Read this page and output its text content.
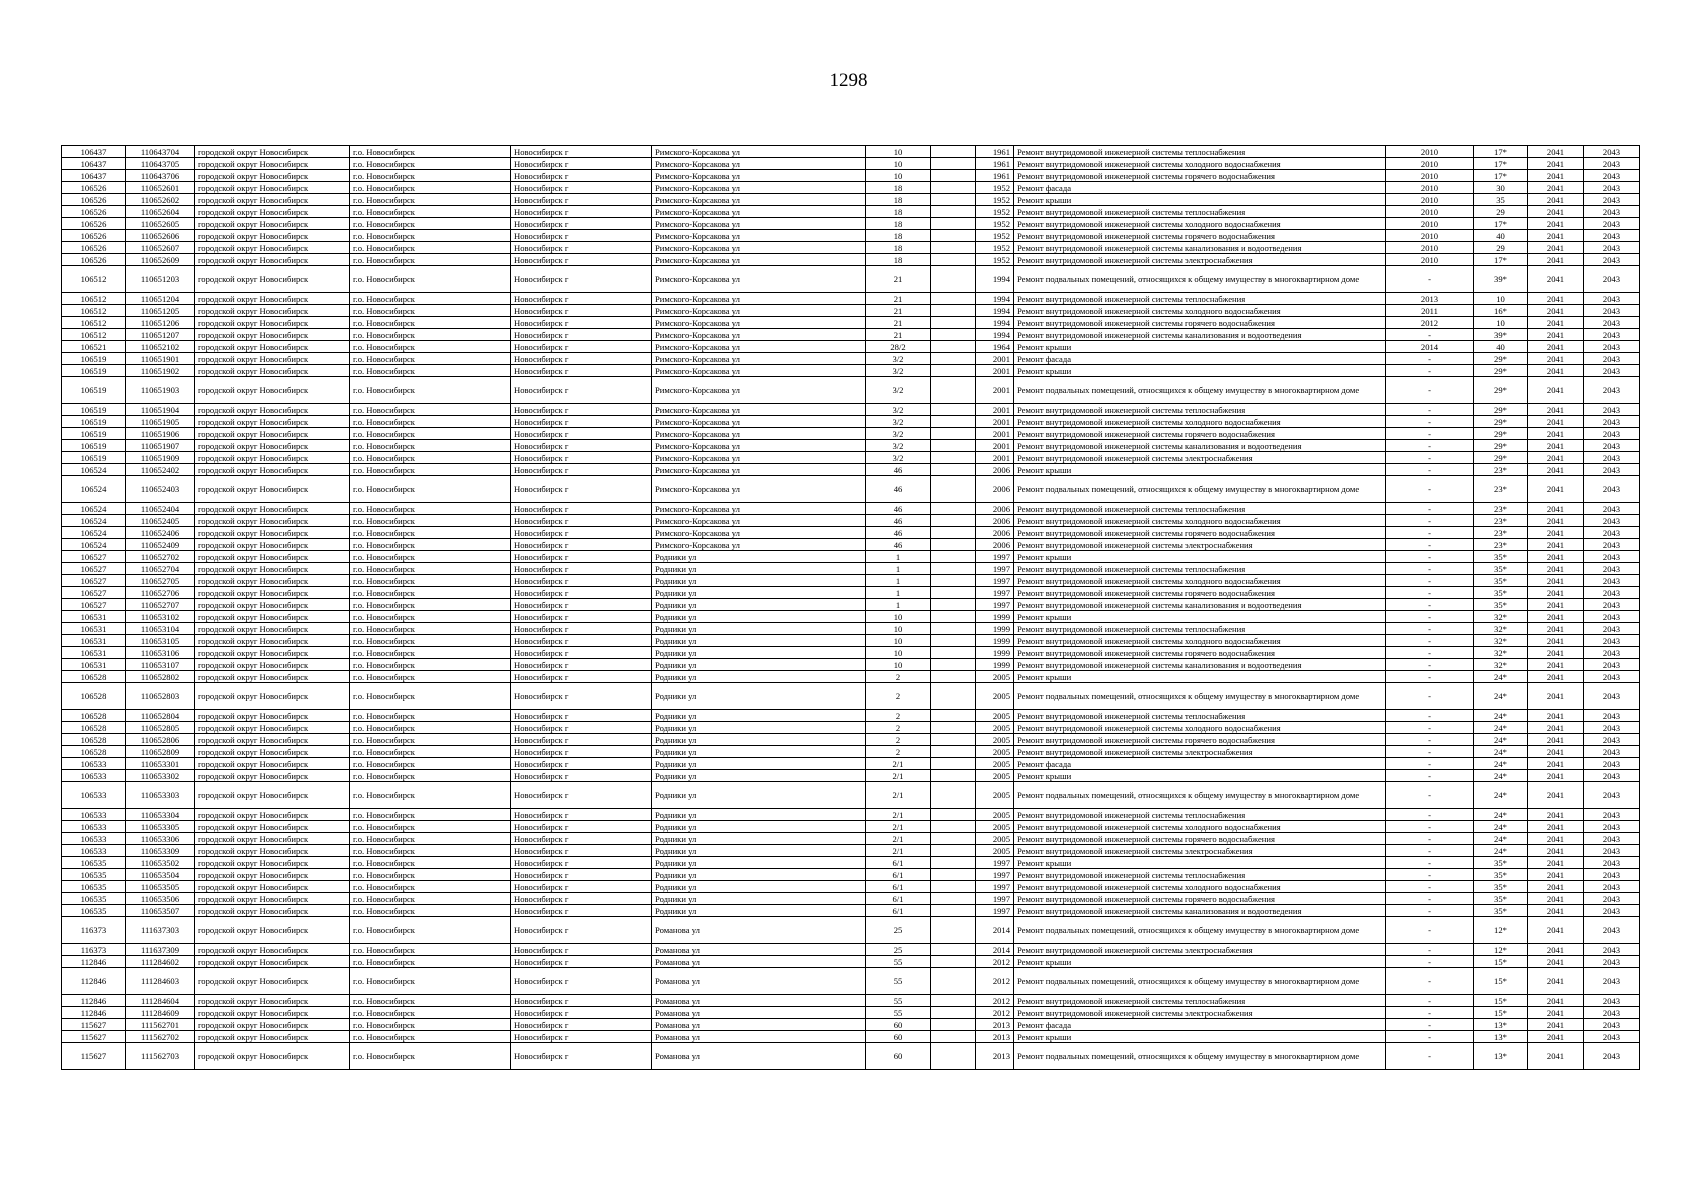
1298
106437	110643704	городской округ Новосибирск	г.о. Новосибирск	Новосибирск г	Римского-Корсакова ул	10		1961	Ремонт внутридомовой инженерной системы теплоснабжения	2010	17*	2041	2043
106437	110643705	городской округ Новосибирск	г.о. Новосибирск	Новосибирск г	Римского-Корсакова ул	10		1961	Ремонт внутридомовой инженерной системы холодного водоснабжения	2010	17*	2041	2043
106437	110643706	городской округ Новосибирск	г.о. Новосибирск	Новосибирск г	Римского-Корсакова ул	10		1961	Ремонт внутридомовой инженерной системы горячего водоснабжения	2010	17*	2041	2043
106526	110652601	городской округ Новосибирск	г.о. Новосибирск	Новосибирск г	Римского-Корсакова ул	18		1952	Ремонт фасада	2010	30	2041	2043
106526	110652602	городской округ Новосибирск	г.о. Новосибирск	Новосибирск г	Римского-Корсакова ул	18		1952	Ремонт крыши	2010	35	2041	2043
106526	110652604	городской округ Новосибирск	г.о. Новосибирск	Новосибирск г	Римского-Корсакова ул	18		1952	Ремонт внутридомовой инженерной системы теплоснабжения	2010	29	2041	2043
106526	110652605	городской округ Новосибирск	г.о. Новосибирск	Новосибирск г	Римского-Корсакова ул	18		1952	Ремонт внутридомовой инженерной системы холодного водоснабжения	2010	17*	2041	2043
106526	110652606	городской округ Новосибирск	г.о. Новосибирск	Новосибирск г	Римского-Корсакова ул	18		1952	Ремонт внутридомовой инженерной системы горячего водоснабжения	2010	40	2041	2043
106526	110652607	городской округ Новосибирск	г.о. Новосибирск	Новосибирск г	Римского-Корсакова ул	18		1952	Ремонт внутридомовой инженерной системы канализования и водоотведения	2010	29	2041	2043
106526	110652609	городской округ Новосибирск	г.о. Новосибирск	Новосибирск г	Римского-Корсакова ул	18		1952	Ремонт внутридомовой инженерной системы электроснабжения	2010	17*	2041	2043
106512	110651203	городской округ Новосибирск	г.о. Новосибирск	Новосибирск г	Римского-Корсакова ул	21		1994	Ремонт подвальных помещений, относящихся к общему имуществу в многоквартирном доме	-	39*	2041	2043
106512	110651204	городской округ Новосибирск	г.о. Новосибирск	Новосибирск г	Римского-Корсакова ул	21		1994	Ремонт внутридомовой инженерной системы теплоснабжения	2013	10	2041	2043
106512	110651205	городской округ Новосибирск	г.о. Новосибирск	Новосибирск г	Римского-Корсакова ул	21		1994	Ремонт внутридомовой инженерной системы холодного водоснабжения	2011	16*	2041	2043
106512	110651206	городской округ Новосибирск	г.о. Новосибирск	Новосибирск г	Римского-Корсакова ул	21		1994	Ремонт внутридомовой инженерной системы горячего водоснабжения	2012	10	2041	2043
106512	110651207	городской округ Новосибирск	г.о. Новосибирск	Новосибирск г	Римского-Корсакова ул	21		1994	Ремонт внутридомовой инженерной системы канализования и водоотведения	-	39*	2041	2043
106521	110652102	городской округ Новосибирск	г.о. Новосибирск	Новосибирск г	Римского-Корсакова ул	28/2		1964	Ремонт крыши	2014	40	2041	2043
106519	110651901	городской округ Новосибирск	г.о. Новосибирск	Новосибирск г	Римского-Корсакова ул	3/2		2001	Ремонт фасада	-	29*	2041	2043
106519	110651902	городской округ Новосибирск	г.о. Новосибирск	Новосибирск г	Римского-Корсакова ул	3/2		2001	Ремонт крыши	-	29*	2041	2043
106519	110651903	городской округ Новосибирск	г.о. Новосибирск	Новосибирск г	Римского-Корсакова ул	3/2		2001	Ремонт подвальных помещений, относящихся к общему имуществу в многоквартирном доме	-	29*	2041	2043
106519	110651904	городской округ Новосибирск	г.о. Новосибирск	Новосибирск г	Римского-Корсакова ул	3/2		2001	Ремонт внутридомовой инженерной системы теплоснабжения	-	29*	2041	2043
106519	110651905	городской округ Новосибирск	г.о. Новосибирск	Новосибирск г	Римского-Корсакова ул	3/2		2001	Ремонт внутридомовой инженерной системы холодного водоснабжения	-	29*	2041	2043
106519	110651906	городской округ Новосибирск	г.о. Новосибирск	Новосибирск г	Римского-Корсакова ул	3/2		2001	Ремонт внутридомовой инженерной системы горячего водоснабжения	-	29*	2041	2043
106519	110651907	городской округ Новосибирск	г.о. Новосибирск	Новосибирск г	Римского-Корсакова ул	3/2		2001	Ремонт внутридомовой инженерной системы канализования и водоотведения	-	29*	2041	2043
106519	110651909	городской округ Новосибирск	г.о. Новосибирск	Новосибирск г	Римского-Корсакова ул	3/2		2001	Ремонт внутридомовой инженерной системы электроснабжения	-	29*	2041	2043
106524	110652402	городской округ Новосибирск	г.о. Новосибирск	Новосибирск г	Римского-Корсакова ул	46		2006	Ремонт крыши	-	23*	2041	2043
106524	110652403	городской округ Новосибирск	г.о. Новосибирск	Новосибирск г	Римского-Корсакова ул	46		2006	Ремонт подвальных помещений, относящихся к общему имуществу в многоквартирном доме	-	23*	2041	2043
106524	110652404	городской округ Новосибирск	г.о. Новосибирск	Новосибирск г	Римского-Корсакова ул	46		2006	Ремонт внутридомовой инженерной системы теплоснабжения	-	23*	2041	2043
106524	110652405	городской округ Новосибирск	г.о. Новосибирск	Новосибирск г	Римского-Корсакова ул	46		2006	Ремонт внутридомовой инженерной системы холодного водоснабжения	-	23*	2041	2043
106524	110652406	городской округ Новосибирск	г.о. Новосибирск	Новосибирск г	Римского-Корсакова ул	46		2006	Ремонт внутридомовой инженерной системы горячего водоснабжения	-	23*	2041	2043
106524	110652409	городской округ Новосибирск	г.о. Новосибирск	Новосибирск г	Римского-Корсакова ул	46		2006	Ремонт внутридомовой инженерной системы электроснабжения	-	23*	2041	2043
106527	110652702	городской округ Новосибирск	г.о. Новосибирск	Новосибирск г	Родники ул	1		1997	Ремонт крыши	-	35*	2041	2043
106527	110652704	городской округ Новосибирск	г.о. Новосибирск	Новосибирск г	Родники ул	1		1997	Ремонт внутридомовой инженерной системы теплоснабжения	-	35*	2041	2043
106527	110652705	городской округ Новосибирск	г.о. Новосибирск	Новосибирск г	Родники ул	1		1997	Ремонт внутридомовой инженерной системы холодного водоснабжения	-	35*	2041	2043
106527	110652706	городской округ Новосибирск	г.о. Новосибирск	Новосибирск г	Родники ул	1		1997	Ремонт внутридомовой инженерной системы горячего водоснабжения	-	35*	2041	2043
106527	110652707	городской округ Новосибирск	г.о. Новосибирск	Новосибирск г	Родники ул	1		1997	Ремонт внутридомовой инженерной системы канализования и водоотведения	-	35*	2041	2043
106531	110653102	городской округ Новосибирск	г.о. Новосибирск	Новосибирск г	Родники ул	10		1999	Ремонт крыши	-	32*	2041	2043
106531	110653104	городской округ Новосибирск	г.о. Новосибирск	Новосибирск г	Родники ул	10		1999	Ремонт внутридомовой инженерной системы теплоснабжения	-	32*	2041	2043
106531	110653105	городской округ Новосибирск	г.о. Новосибирск	Новосибирск г	Родники ул	10		1999	Ремонт внутридомовой инженерной системы холодного водоснабжения	-	32*	2041	2043
106531	110653106	городской округ Новосибирск	г.о. Новосибирск	Новосибирск г	Родники ул	10		1999	Ремонт внутридомовой инженерной системы горячего водоснабжения	-	32*	2041	2043
106531	110653107	городской округ Новосибирск	г.о. Новосибирск	Новосибирск г	Родники ул	10		1999	Ремонт внутридомовой инженерной системы канализования и водоотведения	-	32*	2041	2043
106528	110652802	городской округ Новосибирск	г.о. Новосибирск	Новосибирск г	Родники ул	2		2005	Ремонт крыши	-	24*	2041	2043
106528	110652803	городской округ Новосибирск	г.о. Новосибирск	Новосибирск г	Родники ул	2		2005	Ремонт подвальных помещений, относящихся к общему имуществу в многоквартирном доме	-	24*	2041	2043
106528	110652804	городской округ Новосибирск	г.о. Новосибирск	Новосибирск г	Родники ул	2		2005	Ремонт внутридомовой инженерной системы теплоснабжения	-	24*	2041	2043
106528	110652805	городской округ Новосибирск	г.о. Новосибирск	Новосибирск г	Родники ул	2		2005	Ремонт внутридомовой инженерной системы холодного водоснабжения	-	24*	2041	2043
106528	110652806	городской округ Новосибирск	г.о. Новосибирск	Новосибирск г	Родники ул	2		2005	Ремонт внутридомовой инженерной системы горячего водоснабжения	-	24*	2041	2043
106528	110652809	городской округ Новосибирск	г.о. Новосибирск	Новосибирск г	Родники ул	2		2005	Ремонт внутридомовой инженерной системы электроснабжения	-	24*	2041	2043
106533	110653301	городской округ Новосибирск	г.о. Новосибирск	Новосибирск г	Родники ул	2/1		2005	Ремонт фасада	-	24*	2041	2043
106533	110653302	городской округ Новосибирск	г.о. Новосибирск	Новосибирск г	Родники ул	2/1		2005	Ремонт крыши	-	24*	2041	2043
106533	110653303	городской округ Новосибирск	г.о. Новосибирск	Новосибирск г	Родники ул	2/1		2005	Ремонт подвальных помещений, относящихся к общему имуществу в многоквартирном доме	-	24*	2041	2043
106533	110653304	городской округ Новосибирск	г.о. Новосибирск	Новосибирск г	Родники ул	2/1		2005	Ремонт внутридомовой инженерной системы теплоснабжения	-	24*	2041	2043
106533	110653305	городской округ Новосибирск	г.о. Новосибирск	Новосибирск г	Родники ул	2/1		2005	Ремонт внутридомовой инженерной системы холодного водоснабжения	-	24*	2041	2043
106533	110653306	городской округ Новосибирск	г.о. Новосибирск	Новосибирск г	Родники ул	2/1		2005	Ремонт внутридомовой инженерной системы горячего водоснабжения	-	24*	2041	2043
106533	110653309	городской округ Новосибирск	г.о. Новосибирск	Новосибирск г	Родники ул	2/1		2005	Ремонт внутридомовой инженерной системы электроснабжения	-	24*	2041	2043
106535	110653502	городской округ Новосибирск	г.о. Новосибирск	Новосибирск г	Родники ул	6/1		1997	Ремонт крыши	-	35*	2041	2043
106535	110653504	городской округ Новосибирск	г.о. Новосибирск	Новосибирск г	Родники ул	6/1		1997	Ремонт внутридомовой инженерной системы теплоснабжения	-	35*	2041	2043
106535	110653505	городской округ Новосибирск	г.о. Новосибирск	Новосибирск г	Родники ул	6/1		1997	Ремонт внутридомовой инженерной системы холодного водоснабжения	-	35*	2041	2043
106535	110653506	городской округ Новосибирск	г.о. Новосибирск	Новосибирск г	Родники ул	6/1		1997	Ремонт внутридомовой инженерной системы горячего водоснабжения	-	35*	2041	2043
106535	110653507	городской округ Новосибирск	г.о. Новосибирск	Новосибирск г	Родники ул	6/1		1997	Ремонт внутридомовой инженерной системы канализования и водоотведения	-	35*	2041	2043
116373	111637303	городской округ Новосибирск	г.о. Новосибирск	Новосибирск г	Романова ул	25		2014	Ремонт подвальных помещений, относящихся к общему имуществу в многоквартирном доме	-	12*	2041	2043
116373	111637309	городской округ Новосибирск	г.о. Новосибирск	Новосибирск г	Романова ул	25		2014	Ремонт внутридомовой инженерной системы электроснабжения	-	12*	2041	2043
112846	111284602	городской округ Новосибирск	г.о. Новосибирск	Новосибирск г	Романова ул	55		2012	Ремонт крыши	-	15*	2041	2043
112846	111284603	городской округ Новосибирск	г.о. Новосибирск	Новосибирск г	Романова ул	55		2012	Ремонт подвальных помещений, относящихся к общему имуществу в многоквартирном доме	-	15*	2041	2043
112846	111284604	городской округ Новосибирск	г.о. Новосибирск	Новосибирск г	Романова ул	55		2012	Ремонт внутридомовой инженерной системы теплоснабжения	-	15*	2041	2043
112846	111284609	городской округ Новосибирск	г.о. Новосибирск	Новосибирск г	Романова ул	55		2012	Ремонт внутридомовой инженерной системы электроснабжения	-	15*	2041	2043
115627	111562701	городской округ Новосибирск	г.о. Новосибирск	Новосибирск г	Романова ул	60		2013	Ремонт фасада	-	13*	2041	2043
115627	111562702	городской округ Новосибирск	г.о. Новосибирск	Новосибирск г	Романова ул	60		2013	Ремонт крыши	-	13*	2041	2043
115627	111562703	городской округ Новосибирск	г.о. Новосибирск	Новосибирск г	Романова ул	60		2013	Ремонт подвальных помещений, относящихся к общему имуществу в многоквартирном доме	-	13*	2041	2043
